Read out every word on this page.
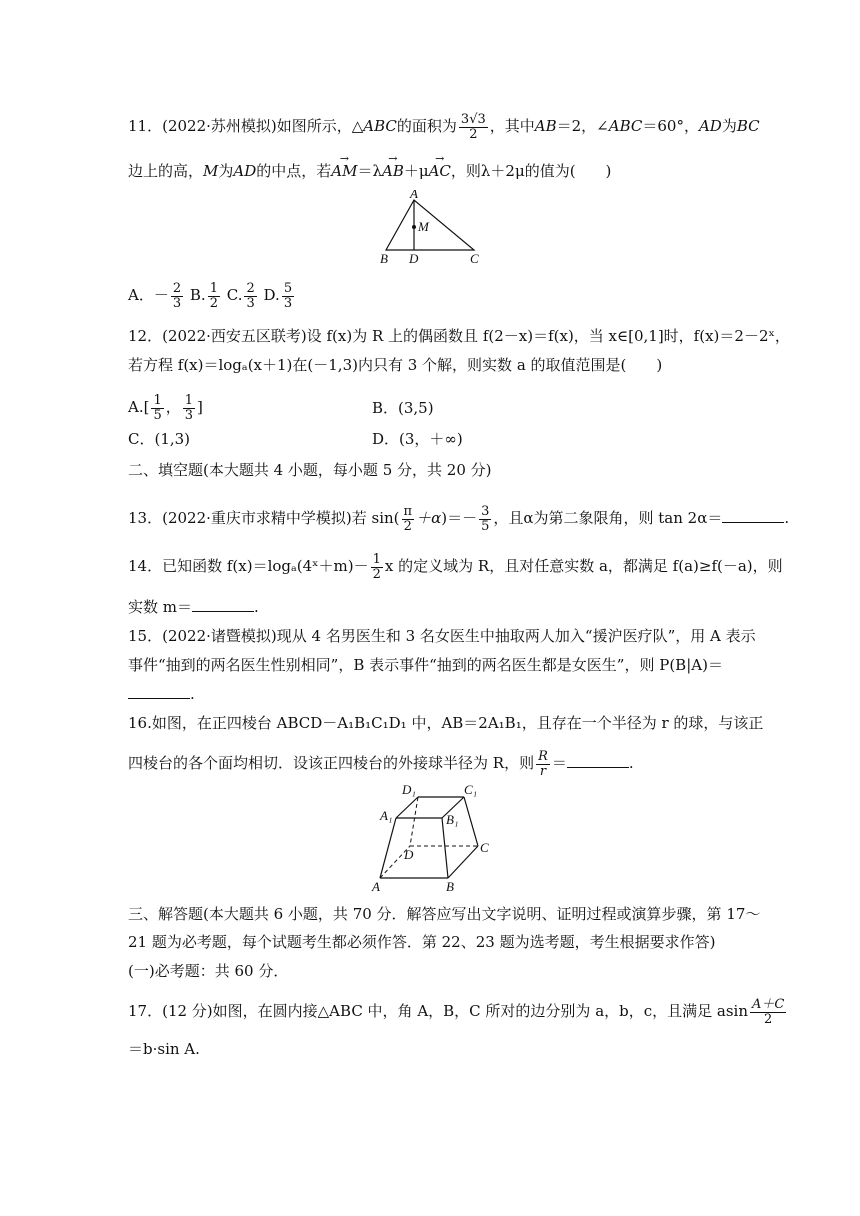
11．(2022·苏州模拟)如图所示，△ABC的面积为 $\frac{3√3}{2}$ ，其中AB＝2，∠ABC＝60°，AD为BC
边上的高，M为AD的中点，若→ AM＝λ→ AB＋μ→ AC，则λ＋2μ的值为(　　)
A
M
B D	C
A．－ $\frac{2}{3} B$. $\frac{1}{2} C$. $\frac{2}{3} D$. $\frac{5}{3}$
12．(2022·西安五区联考)设 f(x)为 R 上的偶函数且 f(2－x)＝f(x)，当 x∈[0,1]时，f(x)＝2－2ˣ，
若方程 f(x)＝logₐ(x＋1)在(－1,3)内只有 3 个解，则实数 a 的取值范围是(　　)
$A.[ \frac{1}{5}$ ， $\frac{1}{3}$ ]	B．(3,5)
C．(1,3)	D．(3，＋∞)
二、填空题(本大题共 4 小题，每小题 5 分，共 20 分)
13．(2022·重庆市求精中学模拟)若 $\sin( \frac{\pi}{2} +\alpha)=- \frac{3}{5}$ ，且α为第二象限角，则 tan 2α＝	.
14．已知函数 f(x)＝logₐ(4ˣ＋m)－ $\frac{1}{2}$ x 的定义域为 R，且对任意实数 a，都满足 f(a)≥f(－a)，则
实数 m＝	.
15．(2022·诸暨模拟)现从 4 名男医生和 3 名女医生中抽取两人加入“援沪医疗队”，用 A 表示
事件“抽到的两名医生性别相同”，B 表示事件“抽到的两名医生都是女医生”，则 P(B|A)＝
.
16.如图，在正四棱台 ABCD－A₁B₁C₁D₁ 中，AB＝2A₁B₁，且存在一个半径为 r 的球，与该正
四棱台的各个面均相切．设该正四棱台的外接球半径为 R，则 $\frac{R}{r}$ ＝	.
D₁	C₁
A₁	B₁
D	C
A	B
三、解答题(本大题共 6 小题，共 70 分．解答应写出文字说明、证明过程或演算步骤，第 17～
21 题为必考题，每个试题考生都必须作答．第 22、23 题为选考题，考生根据要求作答)
(一)必考题：共 60 分．
17．(12 分)如图，在圆内接△ABC 中，角 A，B，C 所对的边分别为 a，b，c，且满足 asin $\frac{A+C}{2}$
＝b·sin A.
